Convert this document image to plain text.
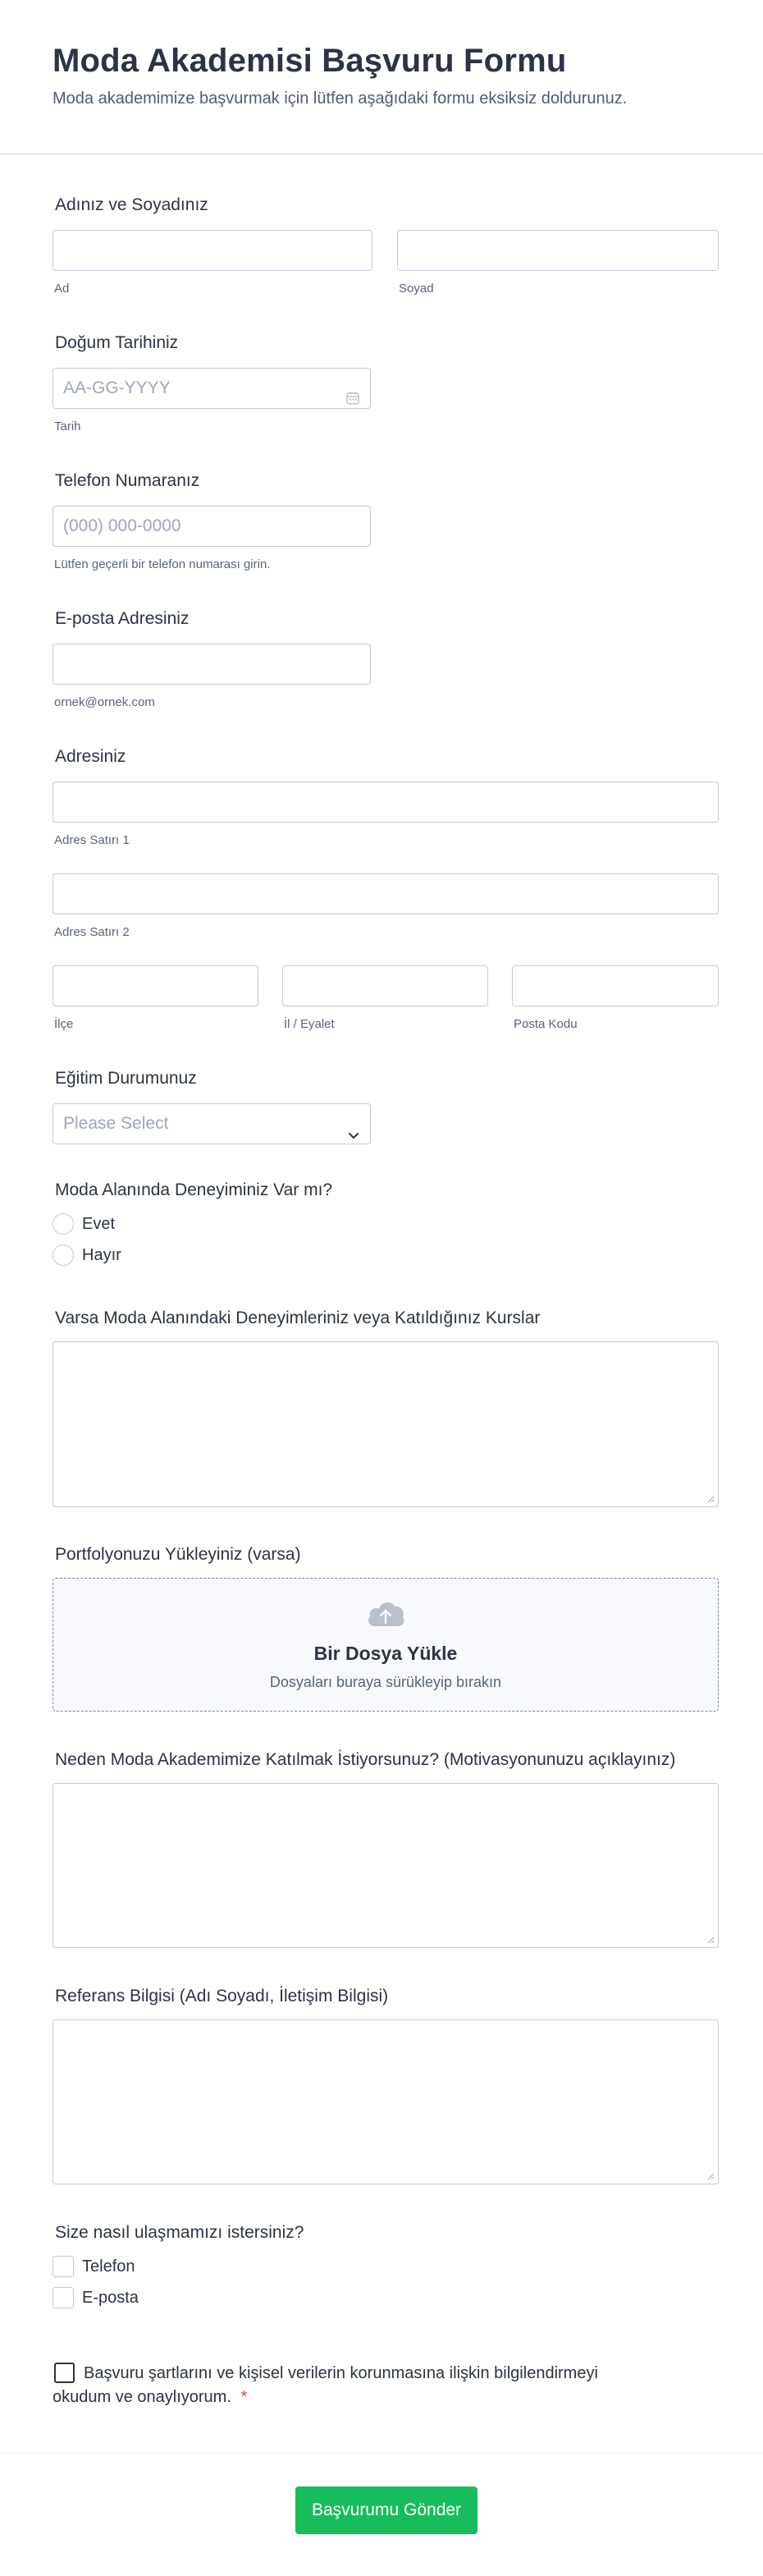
Moda Akademisi Başvuru Formu
Moda akademimize başvurmak için lütfen aşağıdaki formu eksiksiz doldurunuz.
Adınız ve Soyadınız
Ad	Soyad
Doğum Tarihiniz
AA-GG-YYYY
Tarih
Telefon Numaranız
(000) 000-0000
Lütfen geçerli bir telefon numarası girin.
E-posta Adresiniz
ornek@ornek.com
Adresiniz
Adres Satırı 1
Adres Satırı 2
İlçe	İl / Eyalet	Posta Kodu
Eğitim Durumunuz
Please Select
Moda Alanında Deneyiminiz Var mı?
Evet
Hayır
Varsa Moda Alanındaki Deneyimleriniz veya Katıldığınız Kurslar
Portfolyonuzu Yükleyiniz (varsa)
Bir Dosya Yükle
Dosyaları buraya sürükleyip bırakın
Neden Moda Akademimize Katılmak İstiyorsunuz? (Motivasyonunuzu açıklayınız)
Referans Bilgisi (Adı Soyadı, İletişim Bilgisi)
Size nasıl ulaşmamızı istersiniz?
Telefon
E-posta
Başvuru şartlarını ve kişisel verilerin korunmasına ilişkin bilgilendirmeyi okudum ve onaylıyorum. *
Başvurumu Gönder
